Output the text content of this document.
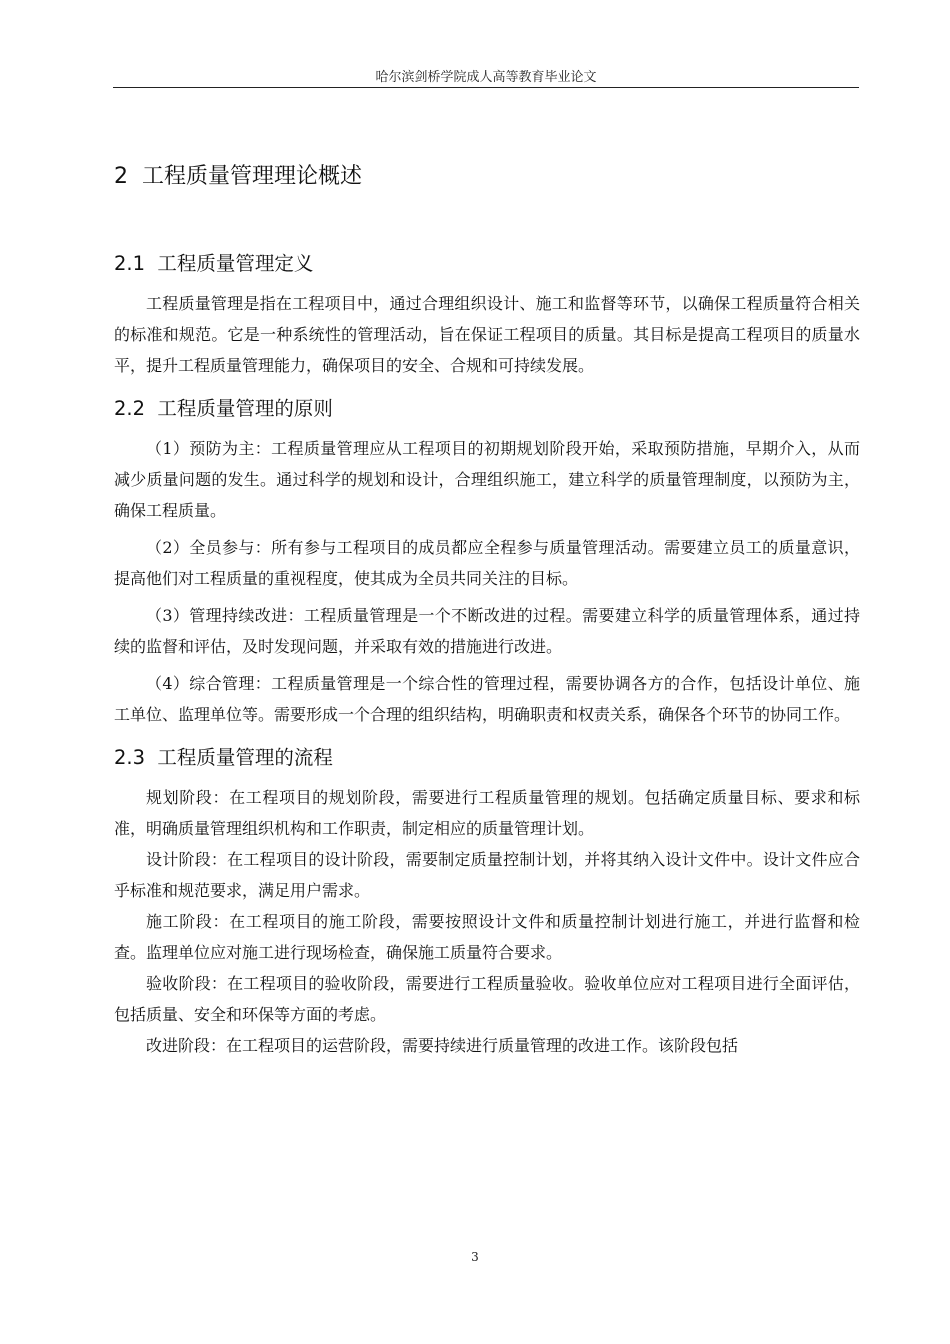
哈尔滨剑桥学院成人高等教育毕业论文
2 工程质量管理理论概述
2.1 工程质量管理定义

工程质量管理是指在工程项目中，通过合理组织设计、施工和监督等环节，以确保工程质量符合相关的标准和规范。它是一种系统性的管理活动，旨在保证工程项目的质量。其目标是提高工程项目的质量水平，提升工程质量管理能力，确保项目的安全、合规和可持续发展。

2.2 工程质量管理的原则

（1）预防为主：工程质量管理应从工程项目的初期规划阶段开始，采取预防措施，早期介入，从而减少质量问题的发生。通过科学的规划和设计，合理组织施工，建立科学的质量管理制度，以预防为主，确保工程质量。

（2）全员参与：所有参与工程项目的成员都应全程参与质量管理活动。需要建立员工的质量意识，提高他们对工程质量的重视程度，使其成为全员共同关注的目标。

（3）管理持续改进：工程质量管理是一个不断改进的过程。需要建立科学的质量管理体系，通过持续的监督和评估，及时发现问题，并采取有效的措施进行改进。

（4）综合管理：工程质量管理是一个综合性的管理过程，需要协调各方的合作，包括设计单位、施工单位、监理单位等。需要形成一个合理的组织结构，明确职责和权责关系，确保各个环节的协同工作。

2.3 工程质量管理的流程

规划阶段：在工程项目的规划阶段，需要进行工程质量管理的规划。包括确定质量目标、要求和标准，明确质量管理组织机构和工作职责，制定相应的质量管理计划。

设计阶段：在工程项目的设计阶段，需要制定质量控制计划，并将其纳入设计文件中。设计文件应合乎标准和规范要求，满足用户需求。

施工阶段：在工程项目的施工阶段，需要按照设计文件和质量控制计划进行施工，并进行监督和检查。监理单位应对施工进行现场检查，确保施工质量符合要求。

验收阶段：在工程项目的验收阶段，需要进行工程质量验收。验收单位应对工程项目进行全面评估，包括质量、安全和环保等方面的考虑。

改进阶段：在工程项目的运营阶段，需要持续进行质量管理的改进工作。该阶段包括

3
